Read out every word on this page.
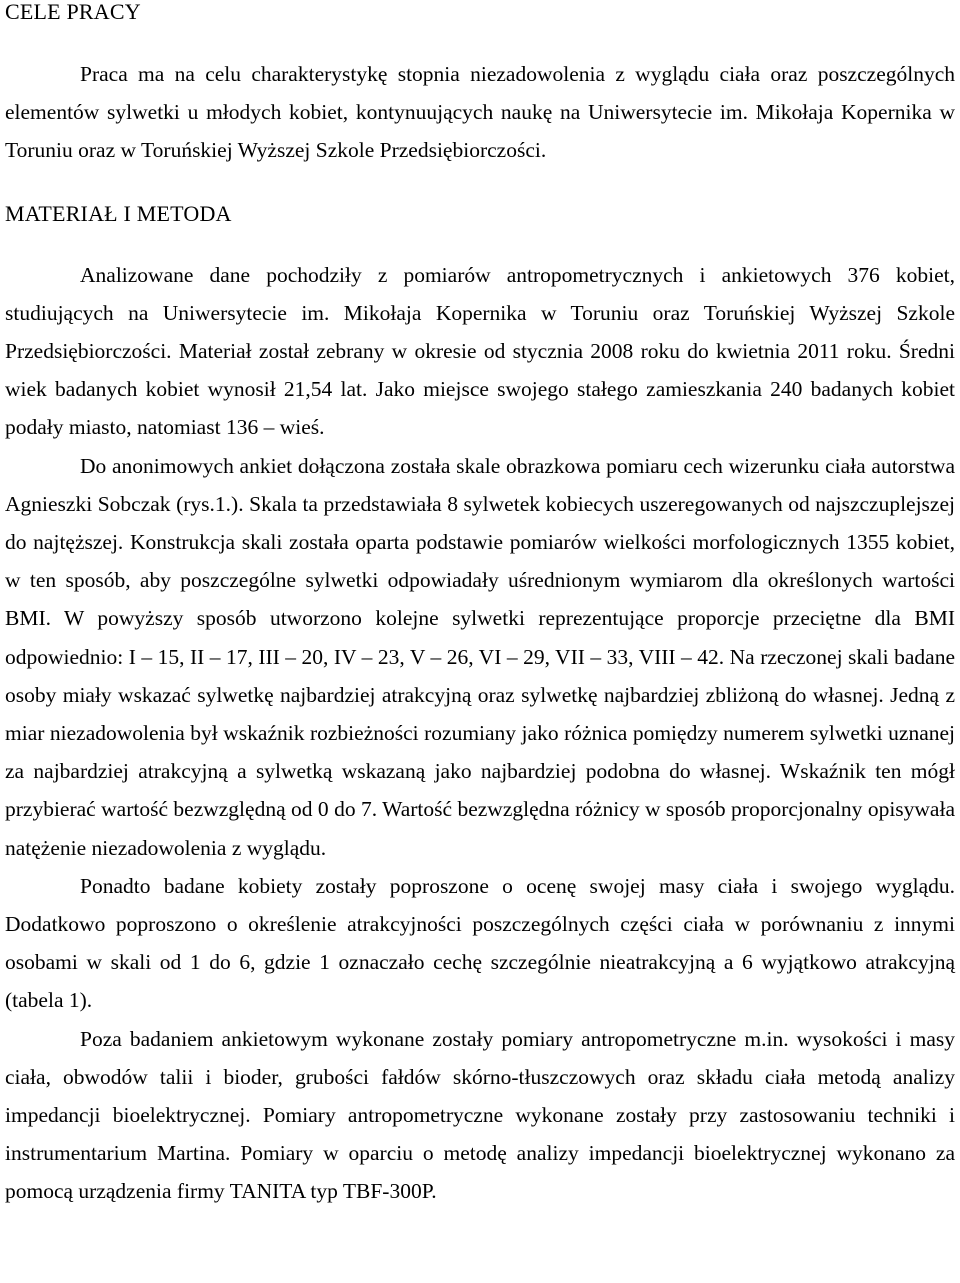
CELE PRACY

Praca ma na celu charakterystykę stopnia niezadowolenia z wyglądu ciała oraz poszczególnych elementów sylwetki u młodych kobiet, kontynuujących naukę na Uniwersytecie im. Mikołaja Kopernika w Toruniu oraz w Toruńskiej Wyższej Szkole Przedsiębiorczości.

MATERIAŁ I METODA

Analizowane dane pochodziły z pomiarów antropometrycznych i ankietowych 376 kobiet, studiujących na Uniwersytecie im. Mikołaja Kopernika w Toruniu oraz Toruńskiej Wyższej Szkole Przedsiębiorczości. Materiał został zebrany w okresie od stycznia 2008 roku do kwietnia 2011 roku. Średni wiek badanych kobiet wynosił 21,54 lat. Jako miejsce swojego stałego zamieszkania 240 badanych kobiet podały miasto, natomiast 136 – wieś.

Do anonimowych ankiet dołączona została skale obrazkowa pomiaru cech wizerunku ciała autorstwa Agnieszki Sobczak (rys.1.). Skala ta przedstawiała 8 sylwetek kobiecych uszeregowanych od najszczuplejszej do najtęższej. Konstrukcja skali została oparta podstawie pomiarów wielkości morfologicznych 1355 kobiet, w ten sposób, aby poszczególne sylwetki odpowiadały uśrednionym wymiarom dla określonych wartości BMI. W powyższy sposób utworzono kolejne sylwetki reprezentujące proporcje przeciętne dla BMI odpowiednio: I – 15, II – 17, III – 20, IV – 23, V – 26, VI – 29, VII – 33, VIII – 42. Na rzeczonej skali badane osoby miały wskazać sylwetkę najbardziej atrakcyjną oraz sylwetkę najbardziej zbliżoną do własnej. Jedną z miar niezadowolenia był wskaźnik rozbieżności rozumiany jako różnica pomiędzy numerem sylwetki uznanej za najbardziej atrakcyjną a sylwetką wskazaną jako najbardziej podobna do własnej. Wskaźnik ten mógł przybierać wartość bezwzględną od 0 do 7. Wartość bezwzględna różnicy w sposób proporcjonalny opisywała natężenie niezadowolenia z wyglądu.

Ponadto badane kobiety zostały poproszone o ocenę swojej masy ciała i swojego wyglądu. Dodatkowo poproszono o określenie atrakcyjności poszczególnych części ciała w porównaniu z innymi osobami w skali od 1 do 6, gdzie 1 oznaczało cechę szczególnie nieatrakcyjną a 6 wyjątkowo atrakcyjną (tabela 1).

Poza badaniem ankietowym wykonane zostały pomiary antropometryczne m.in. wysokości i masy ciała, obwodów talii i bioder, grubości fałdów skórno-tłuszczowych oraz składu ciała metodą analizy impedancji bioelektrycznej. Pomiary antropometryczne wykonane zostały przy zastosowaniu techniki i instrumentarium Martina. Pomiary w oparciu o metodę analizy impedancji bioelektrycznej wykonano za pomocą urządzenia firmy TANITA typ TBF-300P.
